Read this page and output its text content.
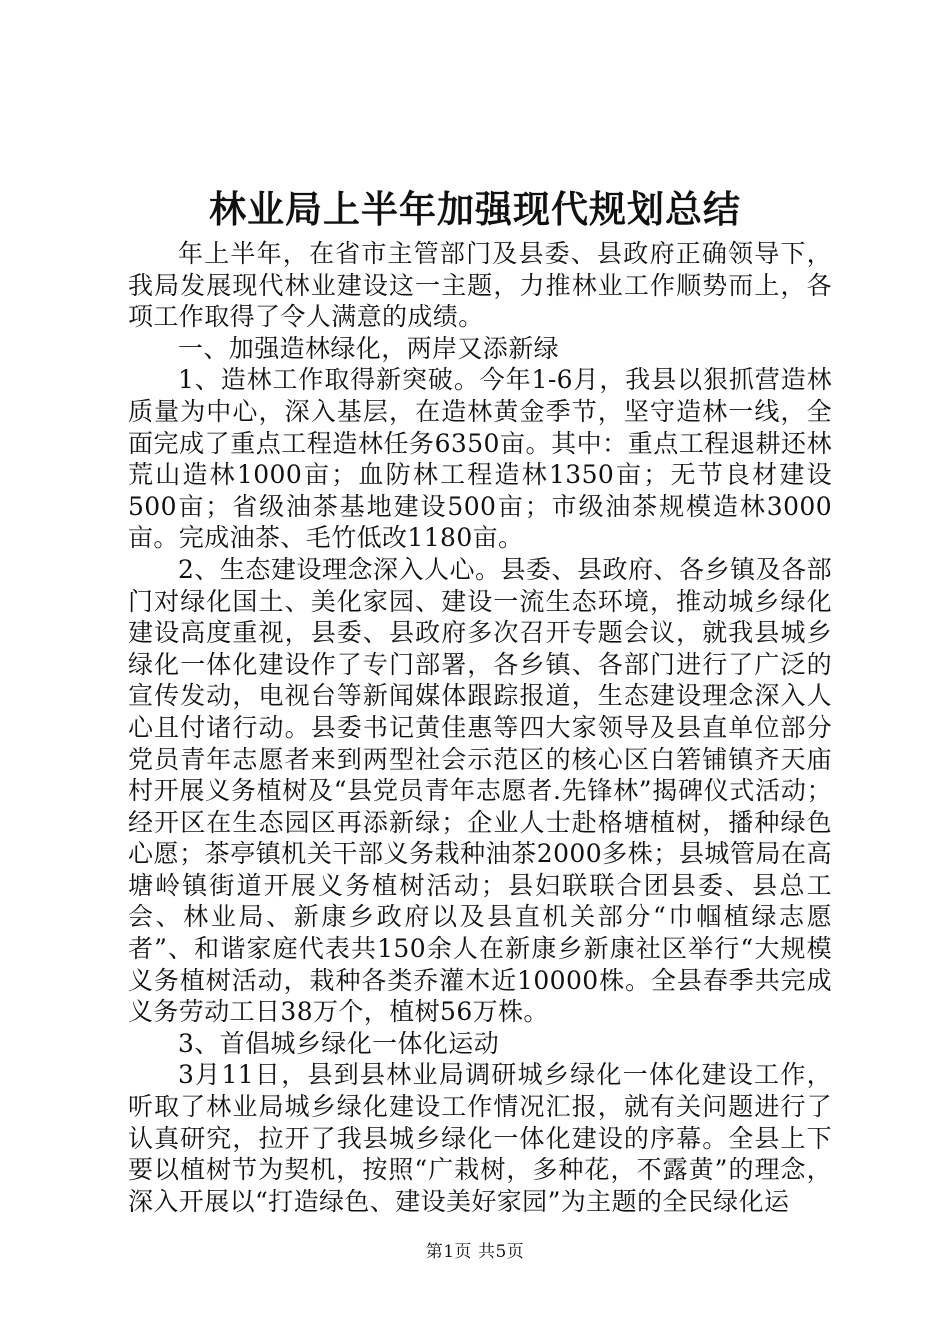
林业局上半年加强现代规划总结

年上半年，在省市主管部门及县委、县政府正确领导下，我局发展现代林业建设这一主题，力推林业工作顺势而上，各项工作取得了令人满意的成绩。

一、加强造林绿化，两岸又添新绿

1、造林工作取得新突破。今年1-6月，我县以狠抓营造林质量为中心，深入基层，在造林黄金季节，坚守造林一线，全面完成了重点工程造林任务6350亩。其中：重点工程退耕还林荒山造林1000亩；血防林工程造林1350亩；无节良材建设500亩；省级油茶基地建设500亩；市级油茶规模造林3000亩。完成油茶、毛竹低改1180亩。

2、生态建设理念深入人心。县委、县政府、各乡镇及各部门对绿化国土、美化家园、建设一流生态环境，推动城乡绿化建设高度重视，县委、县政府多次召开专题会议，就我县城乡绿化一体化建设作了专门部署，各乡镇、各部门进行了广泛的宣传发动，电视台等新闻媒体跟踪报道，生态建设理念深入人心且付诸行动。县委书记黄佳惠等四大家领导及县直单位部分党员青年志愿者来到两型社会示范区的核心区白箬铺镇齐天庙村开展义务植树及“县党员青年志愿者.先锋林”揭碑仪式活动；经开区在生态园区再添新绿；企业人士赴格塘植树，播种绿色心愿；茶亭镇机关干部义务栽种油茶2000多株；县城管局在高塘岭镇街道开展义务植树活动；县妇联联合团县委、县总工会、林业局、新康乡政府以及县直机关部分“巾帼植绿志愿者”、和谐家庭代表共150余人在新康乡新康社区举行“大规模义务植树活动，栽种各类乔灌木近10000株。全县春季共完成义务劳动工日38万个，植树56万株。

3、首倡城乡绿化一体化运动

3月11日，县到县林业局调研城乡绿化一体化建设工作，听取了林业局城乡绿化建设工作情况汇报，就有关问题进行了认真研究，拉开了我县城乡绿化一体化建设的序幕。全县上下要以植树节为契机，按照“广栽树，多种花，不露黄”的理念，深入开展以“打造绿色、建设美好家园”为主题的全民绿化运

第1页 共5页
